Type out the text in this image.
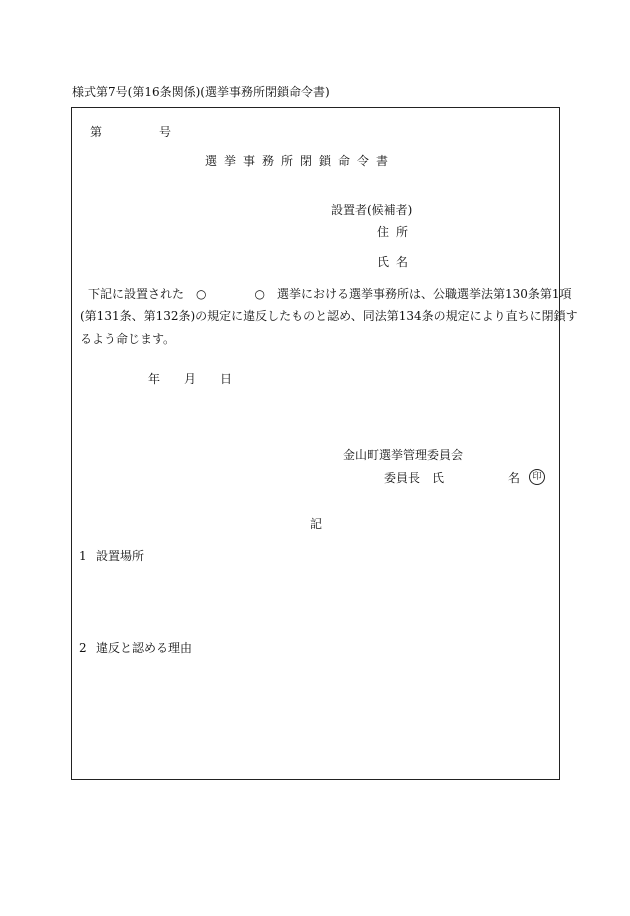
様式第7号(第16条関係)(選挙事務所閉鎖命令書)
第	号
選挙事務所閉鎖命令書
設置者(候補者)
住所
氏名
下記に設置された　○　　　　○　選挙における選挙事務所は、公職選挙法第130条第1項
(第131条、第132条)の規定に違反したものと認め、同法第134条の規定により直ちに閉鎖す
るよう命じます。
年 月 日
金山町選挙管理委員会
委員長　氏	名	印
記
1 設置場所
2 違反と認める理由
